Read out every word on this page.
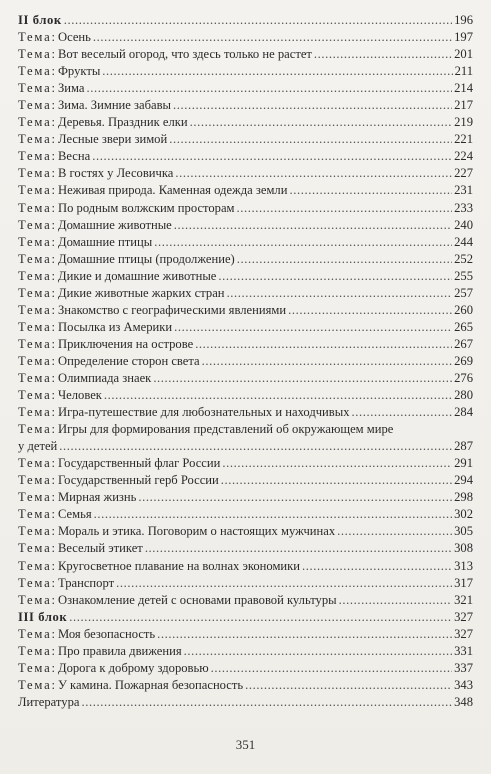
II блок .....	196
Тема: Осень .....	197
Тема: Вот веселый огород, что здесь только не растет .....	201
Тема: Фрукты .....	211
Тема: Зима .....	214
Тема: Зима. Зимние забавы .....	217
Тема: Деревья. Праздник елки .....	219
Тема: Лесные звери зимой .....	221
Тема: Весна .....	224
Тема: В гостях у Лесовичка .....	227
Тема: Неживая природа. Каменная одежда земли .....	231
Тема: По родным волжским просторам .....	233
Тема: Домашние животные .....	240
Тема: Домашние птицы .....	244
Тема: Домашние птицы (продолжение) .....	252
Тема: Дикие и домашние животные .....	255
Тема: Дикие животные жарких стран .....	257
Тема: Знакомство с географическими явлениями .....	260
Тема: Посылка из Америки .....	265
Тема: Приключения на острове .....	267
Тема: Определение сторон света .....	269
Тема: Олимпиада знаек .....	276
Тема: Человек .....	280
Тема: Игра-путешествие для любознательных и находчивых .....	284
Тема: Игры для формирования представлений об окружающем мире
у детей .....	287
Тема: Государственный флаг России .....	291
Тема: Государственный герб России .....	294
Тема: Мирная жизнь .....	298
Тема: Семья .....	302
Тема: Мораль и этика. Поговорим о настоящих мужчинах .....	305
Тема: Веселый этикет .....	308
Тема: Кругосветное плавание на волнах экономики .....	313
Тема: Транспорт .....	317
Тема: Ознакомление детей с основами правовой культуры .....	321
III блок .....	327
Тема: Моя безопасность .....	327
Тема: Про правила движения .....	331
Тема: Дорога к доброму здоровью .....	337
Тема: У камина. Пожарная безопасность .....	343
Литература .....	348
351
